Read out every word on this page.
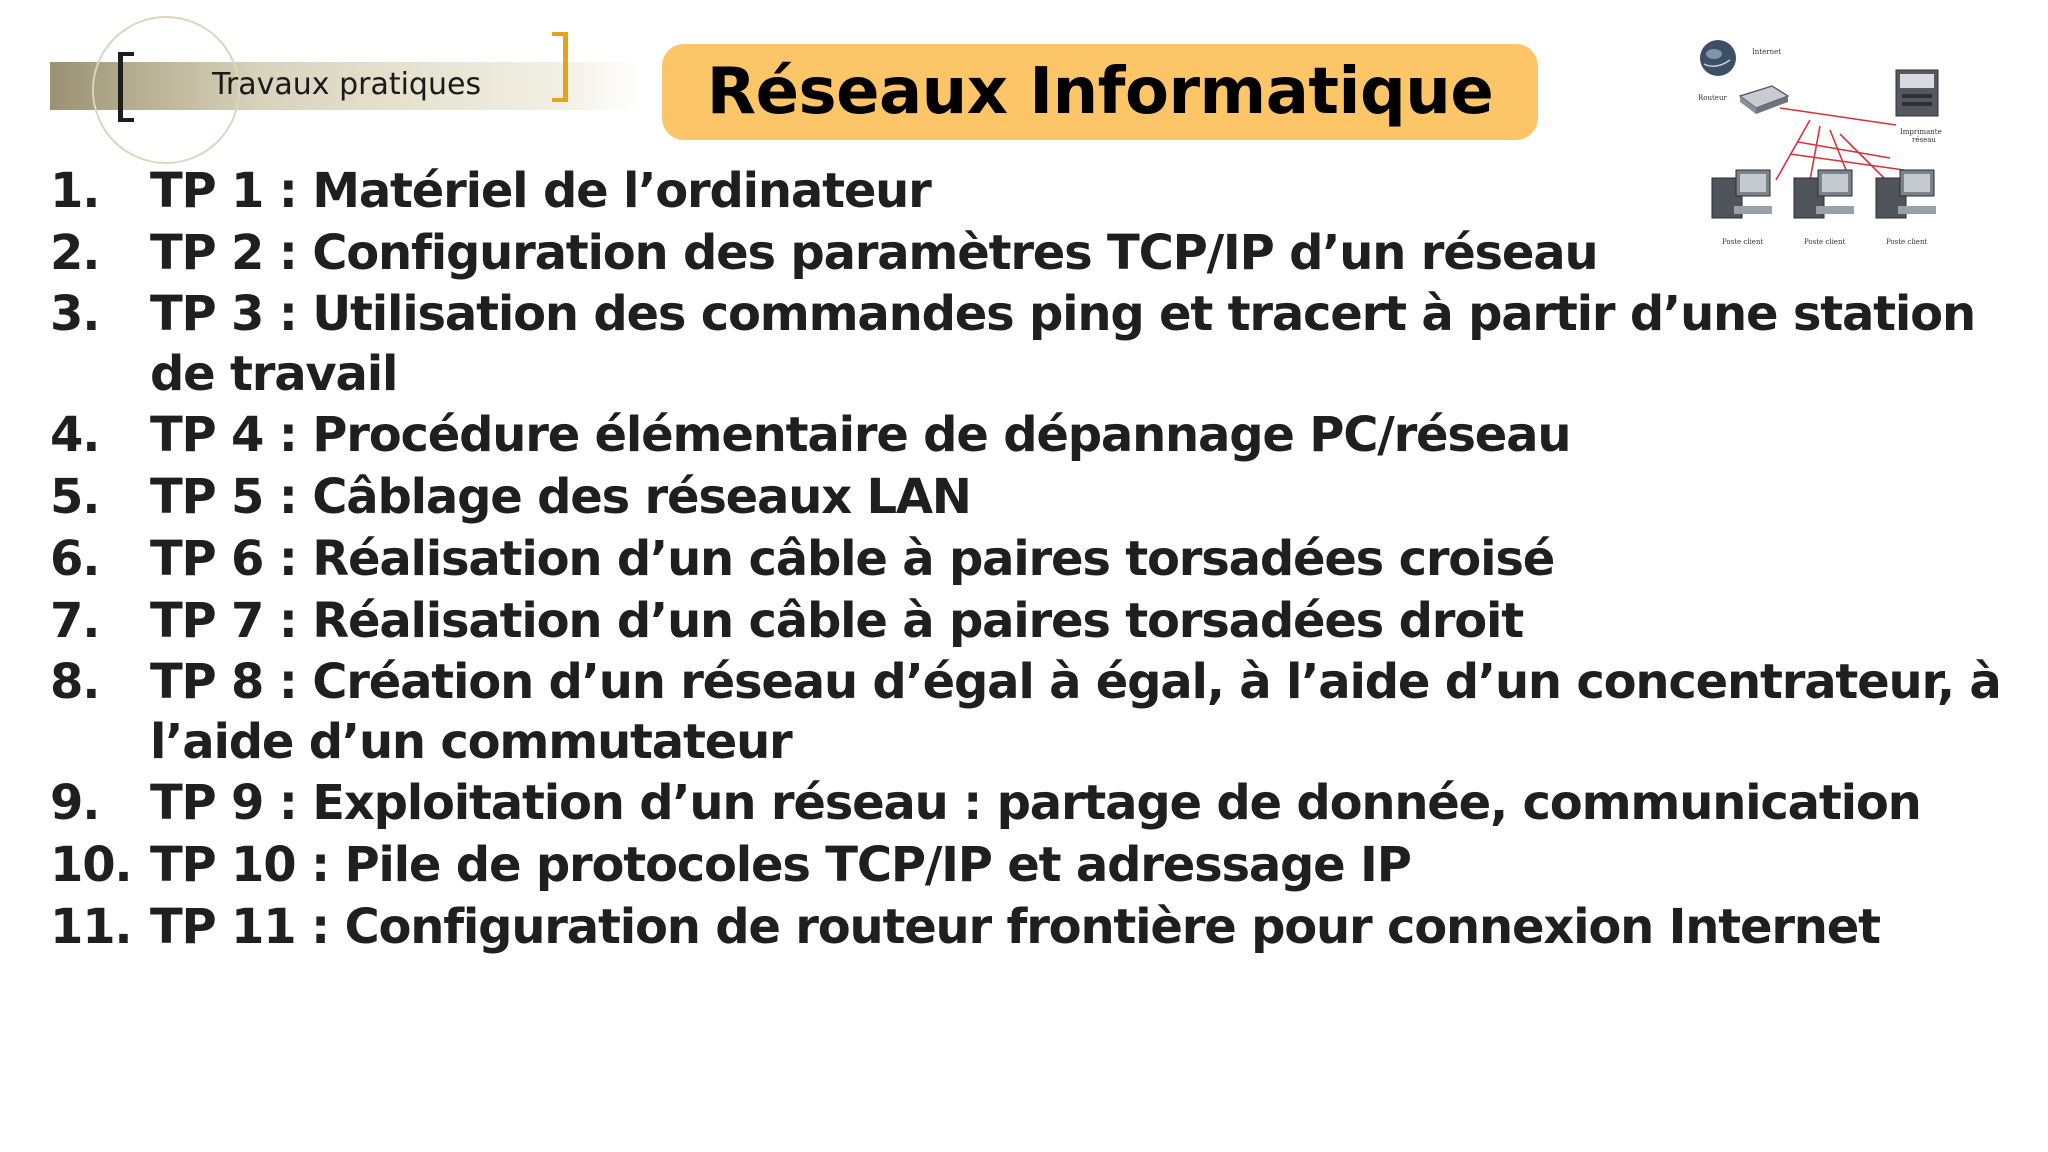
Travaux pratiques	Réseaux Informatique
Internet
Routeur
Imprimante
réseau
Poste client	Poste client	Poste client
1.	TP 1 : Matériel de l’ordinateur
2.	TP 2 : Configuration des paramètres TCP/IP d’un réseau
3.	TP 3 : Utilisation des commandes ping et tracert à partir d’une station de travail
4.	TP 4 : Procédure élémentaire de dépannage PC/réseau
5.	TP 5 : Câblage des réseaux LAN
6.	TP 6 : Réalisation d’un câble à paires torsadées croisé
7.	TP 7 : Réalisation d’un câble à paires torsadées droit
8.	TP 8 : Création d’un réseau d’égal à égal, à l’aide d’un concentrateur, à l’aide d’un commutateur
9.	TP 9 : Exploitation d’un réseau : partage de donnée, communication
10. TP 10 : Pile de protocoles TCP/IP et adressage IP
11. TP 11 : Configuration de routeur frontière pour connexion Internet
